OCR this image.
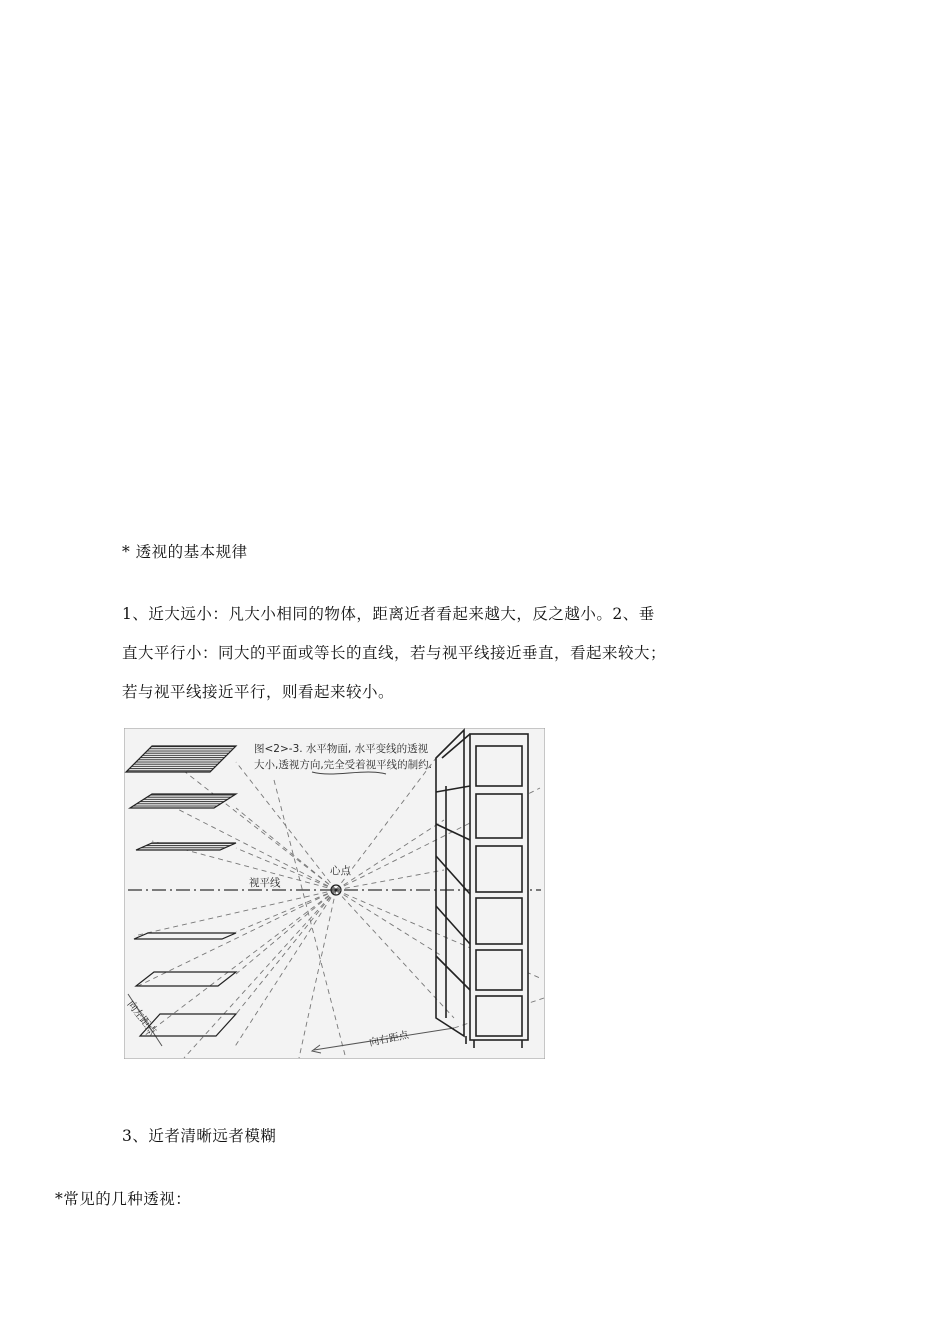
* 透视的基本规律

1、近大远小：凡大小相同的物体，距离近者看起来越大，反之越小。2、垂

直大平行小：同大的平面或等长的直线，若与视平线接近垂直，看起来较大；

若与视平线接近平行，则看起来较小。

图<2>-3. 水平物面, 水平变线的透视
大小,透视方向,完全受着视平线的制约.
视平线
心点
向左距点
向右距点

3、近者清晰远者模糊

*常见的几种透视：
